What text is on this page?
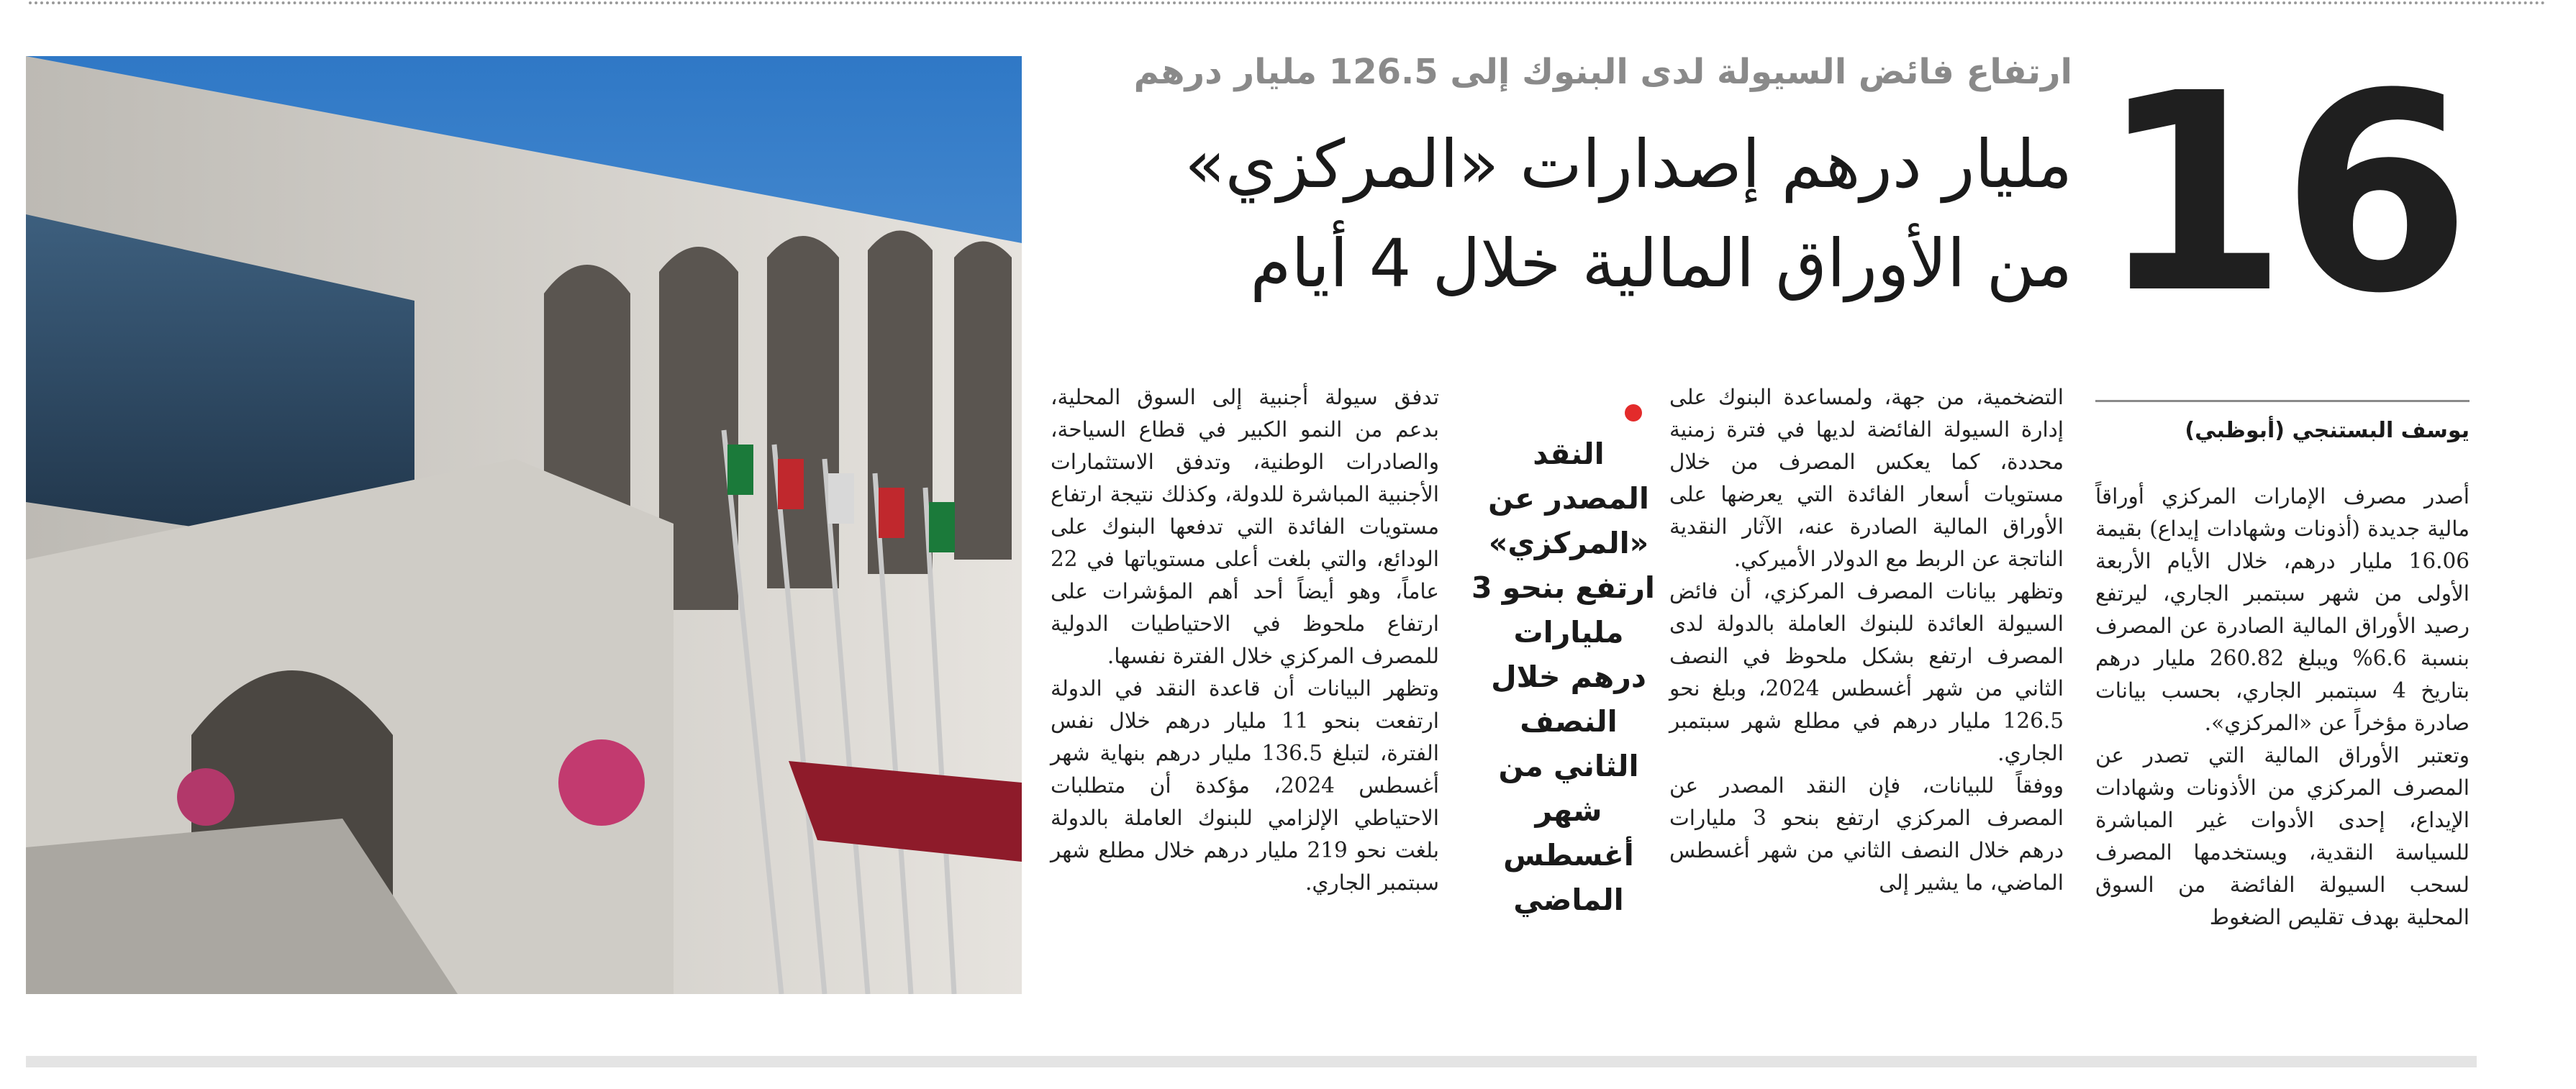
16
ارتفاع فائض السيولة لدى البنوك إلى 126.5 مليار درهم
مليار درهم إصدارات «المركزي»
من الأوراق المالية خلال 4 أيام
يوسف البستنجي (أبوظبي)

أصدر مصرف الإمارات المركزي أوراقاً مالية جديدة (أذونات وشهادات إيداع) بقيمة 16.06 مليار درهم، خلال الأيام الأربعة الأولى من شهر سبتمبر الجاري، ليرتفع رصيد الأوراق المالية الصادرة عن المصرف بنسبة 6.6% ويبلغ 260.82 مليار درهم بتاريخ 4 سبتمبر الجاري، بحسب بيانات صادرة مؤخراً عن «المركزي».

وتعتبر الأوراق المالية التي تصدر عن المصرف المركزي من الأذونات وشهادات الإيداع، إحدى الأدوات غير المباشرة للسياسة النقدية، ويستخدمها المصرف لسحب السيولة الفائضة من السوق المحلية بهدف تقليص الضغوط

التضخمية، من جهة، ولمساعدة البنوك على إدارة السيولة الفائضة لديها في فترة زمنية محددة، كما يعكس المصرف من خلال مستويات أسعار الفائدة التي يعرضها على الأوراق المالية الصادرة عنه، الآثار النقدية الناتجة عن الربط مع الدولار الأميركي.

وتظهر بيانات المصرف المركزي، أن فائض السيولة العائدة للبنوك العاملة بالدولة لدى المصرف ارتفع بشكل ملحوظ في النصف الثاني من شهر أغسطس 2024، وبلغ نحو 126.5 مليار درهم في مطلع شهر سبتمبر الجاري.

ووفقاً للبيانات، فإن النقد المصدر عن المصرف المركزي ارتفع بنحو 3 مليارات درهم خلال النصف الثاني من شهر أغسطس الماضي، ما يشير إلى

النقد
المصدر عن
«المركزي»
ارتفع بنحو 3
مليارات
درهم خلال
النصف
الثاني من
شهر
أغسطس
الماضي

تدفق سيولة أجنبية إلى السوق المحلية، بدعم من النمو الكبير في قطاع السياحة، والصادرات الوطنية، وتدفق الاستثمارات الأجنبية المباشرة للدولة، وكذلك نتيجة ارتفاع مستويات الفائدة التي تدفعها البنوك على الودائع، والتي بلغت أعلى مستوياتها في 22 عاماً، وهو أيضاً أحد أهم المؤشرات على ارتفاع ملحوظ في الاحتياطيات الدولية للمصرف المركزي خلال الفترة نفسها.

وتظهر البيانات أن قاعدة النقد في الدولة ارتفعت بنحو 11 مليار درهم خلال نفس الفترة، لتبلغ 136.5 مليار درهم بنهاية شهر أغسطس 2024، مؤكدة أن متطلبات الاحتياطي الإلزامي للبنوك العاملة بالدولة بلغت نحو 219 مليار درهم خلال مطلع شهر سبتمبر الجاري.
